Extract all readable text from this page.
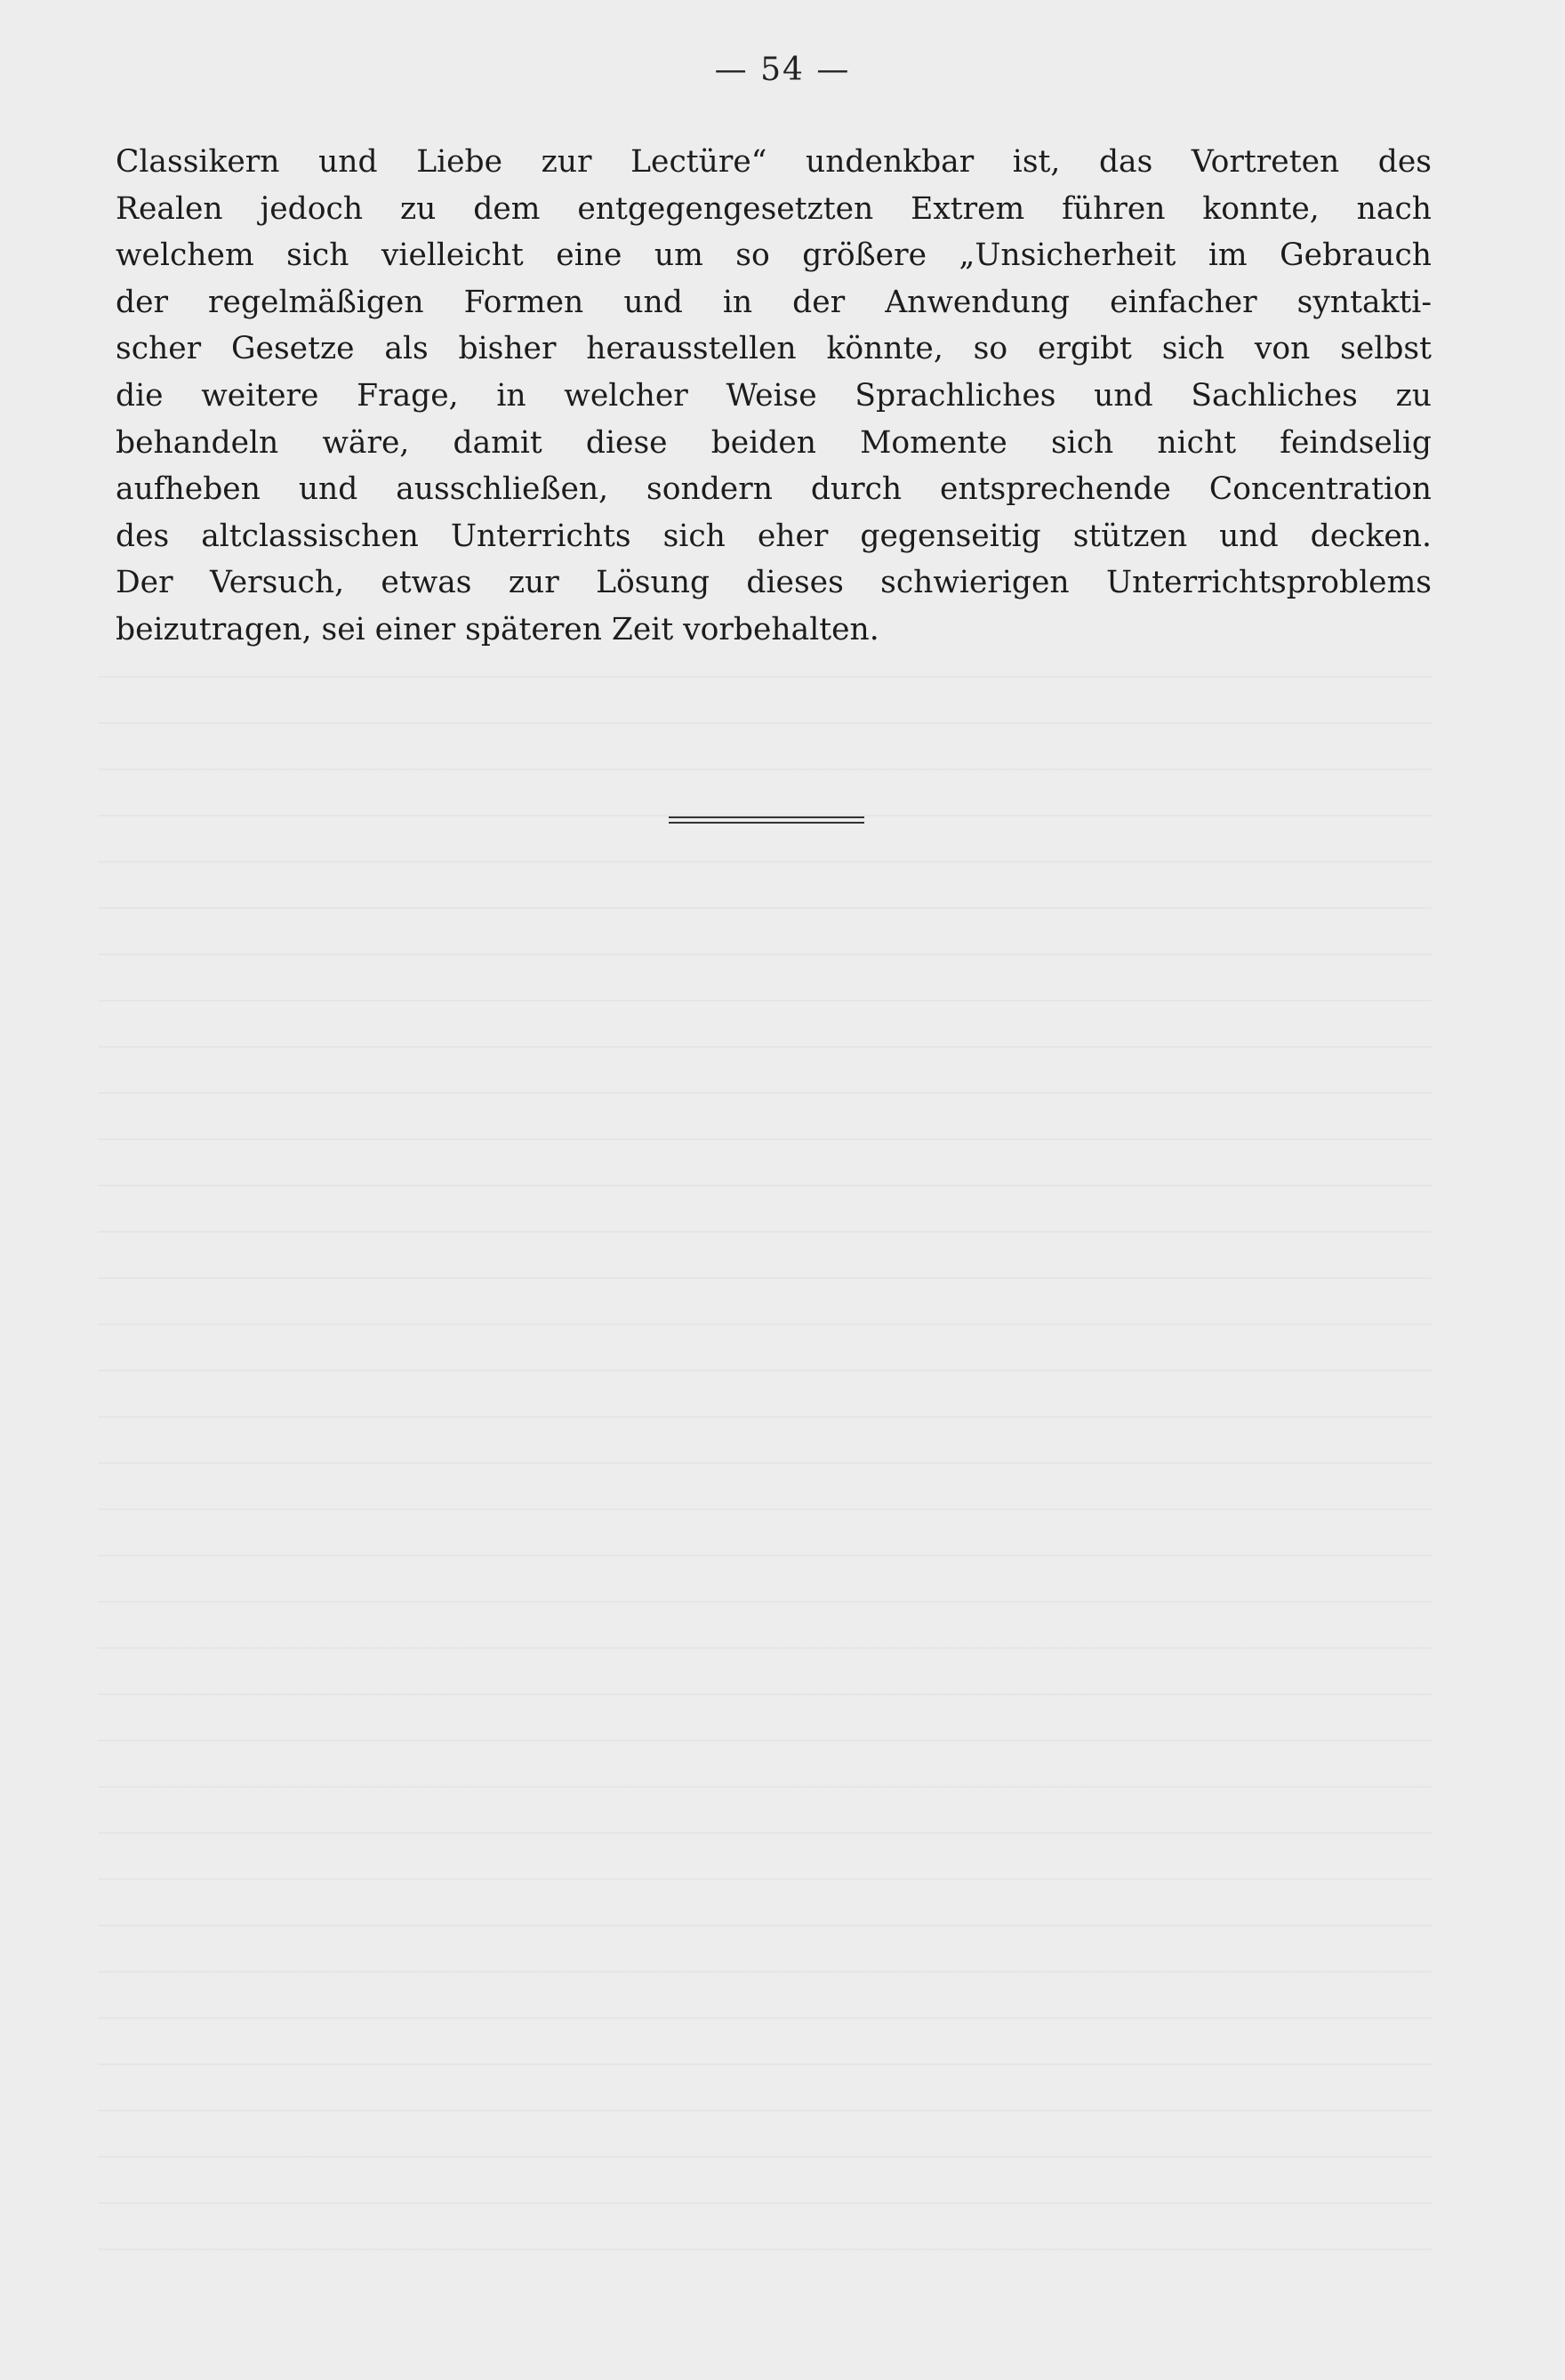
— 54 —
Classikern und Liebe zur Lectüre“ undenkbar ist, das Vortreten des
Realen jedoch zu dem entgegengesetzten Extrem führen konnte, nach
welchem sich vielleicht eine um so größere „Unsicherheit im Gebrauch
der regelmäßigen Formen und in der Anwendung einfacher syntakti-
scher Gesetze als bisher herausstellen könnte, so ergibt sich von selbst
die weitere Frage, in welcher Weise Sprachliches und Sachliches zu
behandeln wäre, damit diese beiden Momente sich nicht feindselig
aufheben und ausschließen, sondern durch entsprechende Concentration
des altclassischen Unterrichts sich eher gegenseitig stützen und decken.
Der Versuch, etwas zur Lösung dieses schwierigen Unterrichtsproblems
beizutragen, sei einer späteren Zeit vorbehalten.
